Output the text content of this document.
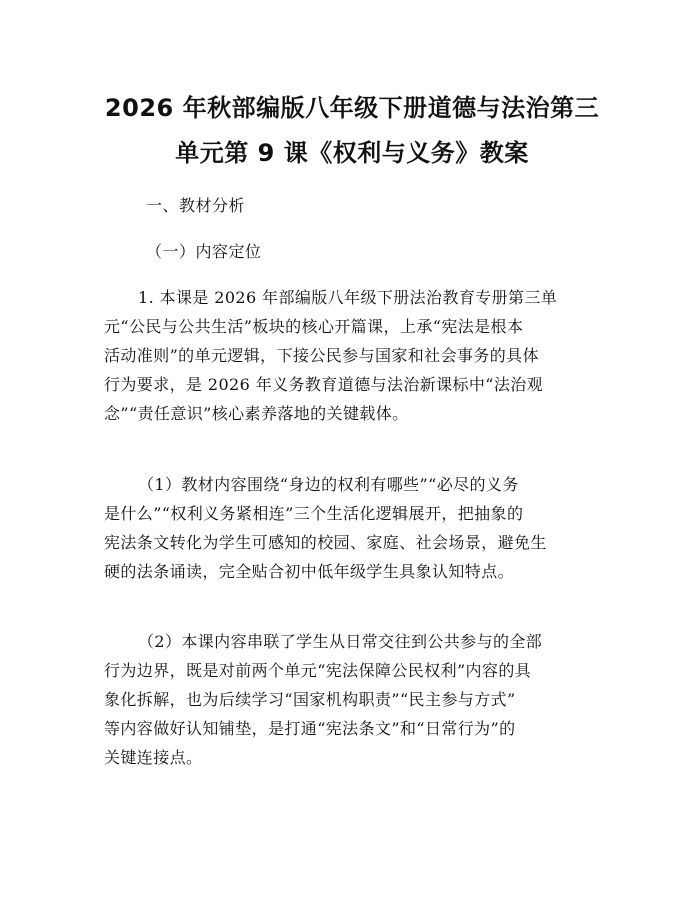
2026 年秋部编版八年级下册道德与法治第三
单元第 9 课《权利与义务》教案
一、教材分析
（一）内容定位
1. 本课是 2026 年部编版八年级下册法治教育专册第三单
元“公民与公共生活”板块的核心开篇课，上承“宪法是根本
活动准则”的单元逻辑，下接公民参与国家和社会事务的具体
行为要求，是 2026 年义务教育道德与法治新课标中“法治观
念”“责任意识”核心素养落地的关键载体。
（1）教材内容围绕“身边的权利有哪些”“必尽的义务
是什么”“权利义务紧相连”三个生活化逻辑展开，把抽象的
宪法条文转化为学生可感知的校园、家庭、社会场景，避免生
硬的法条诵读，完全贴合初中低年级学生具象认知特点。
（2）本课内容串联了学生从日常交往到公共参与的全部
行为边界，既是对前两个单元“宪法保障公民权利”内容的具
象化拆解，也为后续学习“国家机构职责”“民主参与方式”
等内容做好认知铺垫，是打通“宪法条文”和“日常行为”的
关键连接点。
